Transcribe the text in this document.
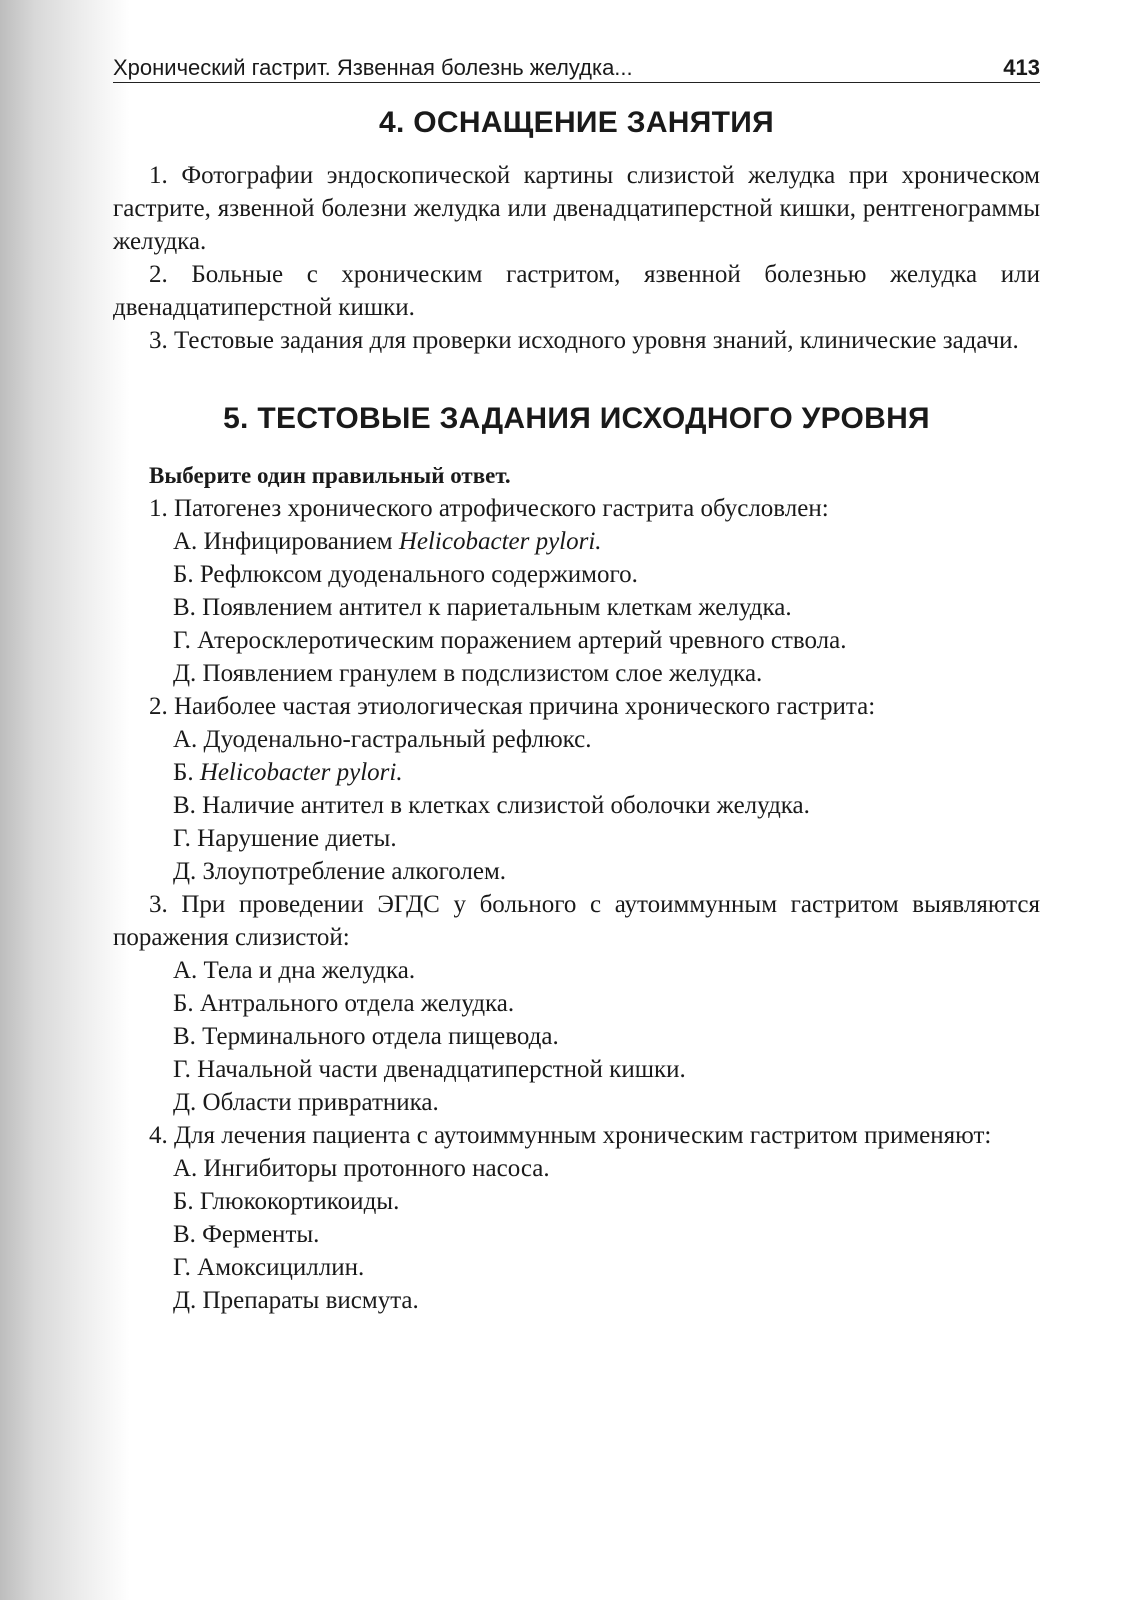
Хронический гастрит. Язвенная болезнь желудка...	413
4. ОСНАЩЕНИЕ ЗАНЯТИЯ

1. Фотографии эндоскопической картины слизистой желудка при хроническом гастрите, язвенной болезни желудка или двенадцатиперстной кишки, рентгенограммы желудка.

2. Больные с хроническим гастритом, язвенной болезнью желудка или двенадцатиперстной кишки.

3. Тестовые задания для проверки исходного уровня знаний, клинические задачи.

5. ТЕСТОВЫЕ ЗАДАНИЯ ИСХОДНОГО УРОВНЯ

Выберите один правильный ответ.

1. Патогенез хронического атрофического гастрита обусловлен:

А. Инфицированием Helicobacter pylori.

Б. Рефлюксом дуоденального содержимого.

В. Появлением антител к париетальным клеткам желудка.

Г. Атеросклеротическим поражением артерий чревного ствола.

Д. Появлением гранулем в подслизистом слое желудка.

2. Наиболее частая этиологическая причина хронического гастрита:

А. Дуоденально-гастральный рефлюкс.

Б. Helicobacter pylori.

В. Наличие антител в клетках слизистой оболочки желудка.

Г. Нарушение диеты.

Д. Злоупотребление алкоголем.

3. При проведении ЭГДС у больного с аутоиммунным гастритом выявляются поражения слизистой:

А. Тела и дна желудка.

Б. Антрального отдела желудка.

В. Терминального отдела пищевода.

Г. Начальной части двенадцатиперстной кишки.

Д. Области привратника.

4. Для лечения пациента с аутоиммунным хроническим гастритом применяют:

А. Ингибиторы протонного насоса.

Б. Глюкокортикоиды.

В. Ферменты.

Г. Амоксициллин.

Д. Препараты висмута.
